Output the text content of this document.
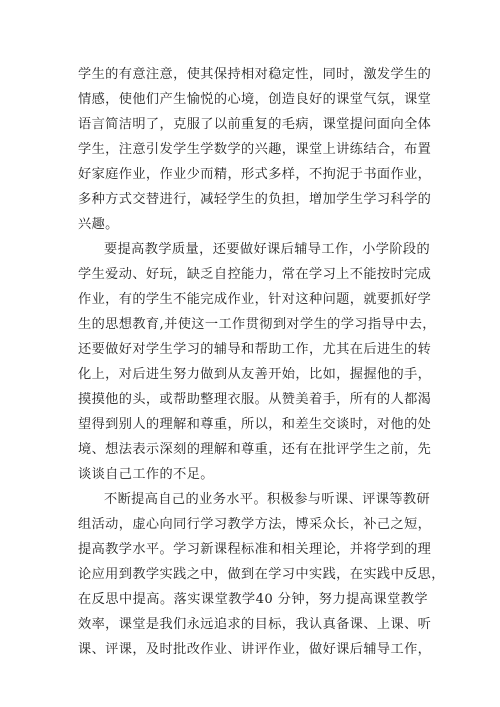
学生的有意注意，使其保持相对稳定性，同时，激发学生的
情感，使他们产生愉悦的心境，创造良好的课堂气氛，课堂
语言简洁明了，克服了以前重复的毛病，课堂提问面向全体
学生，注意引发学生学数学的兴趣，课堂上讲练结合，布置
好家庭作业，作业少而精，形式多样，不拘泥于书面作业，
多种方式交替进行，减轻学生的负担，增加学生学习科学的
兴趣。
要提高教学质量，还要做好课后辅导工作，小学阶段的
学生爱动、好玩，缺乏自控能力，常在学习上不能按时完成
作业，有的学生不能完成作业，针对这种问题，就要抓好学
生的思想教育,并使这一工作贯彻到对学生的学习指导中去，
还要做好对学生学习的辅导和帮助工作，尤其在后进生的转
化上，对后进生努力做到从友善开始，比如，握握他的手，
摸摸他的头，或帮助整理衣服。从赞美着手，所有的人都渴
望得到别人的理解和尊重，所以，和差生交谈时，对他的处
境、想法表示深刻的理解和尊重，还有在批评学生之前，先
谈谈自己工作的不足。
不断提高自己的业务水平。积极参与听课、评课等教研
组活动，虚心向同行学习教学方法，博采众长，补己之短，
提高教学水平。学习新课程标准和相关理论，并将学到的理
论应用到教学实践之中，做到在学习中实践，在实践中反思，
在反思中提高。落实课堂教学40 分钟，努力提高课堂教学
效率，课堂是我们永远追求的目标，我认真备课、上课、听
课、评课，及时批改作业、讲评作业，做好课后辅导工作，
